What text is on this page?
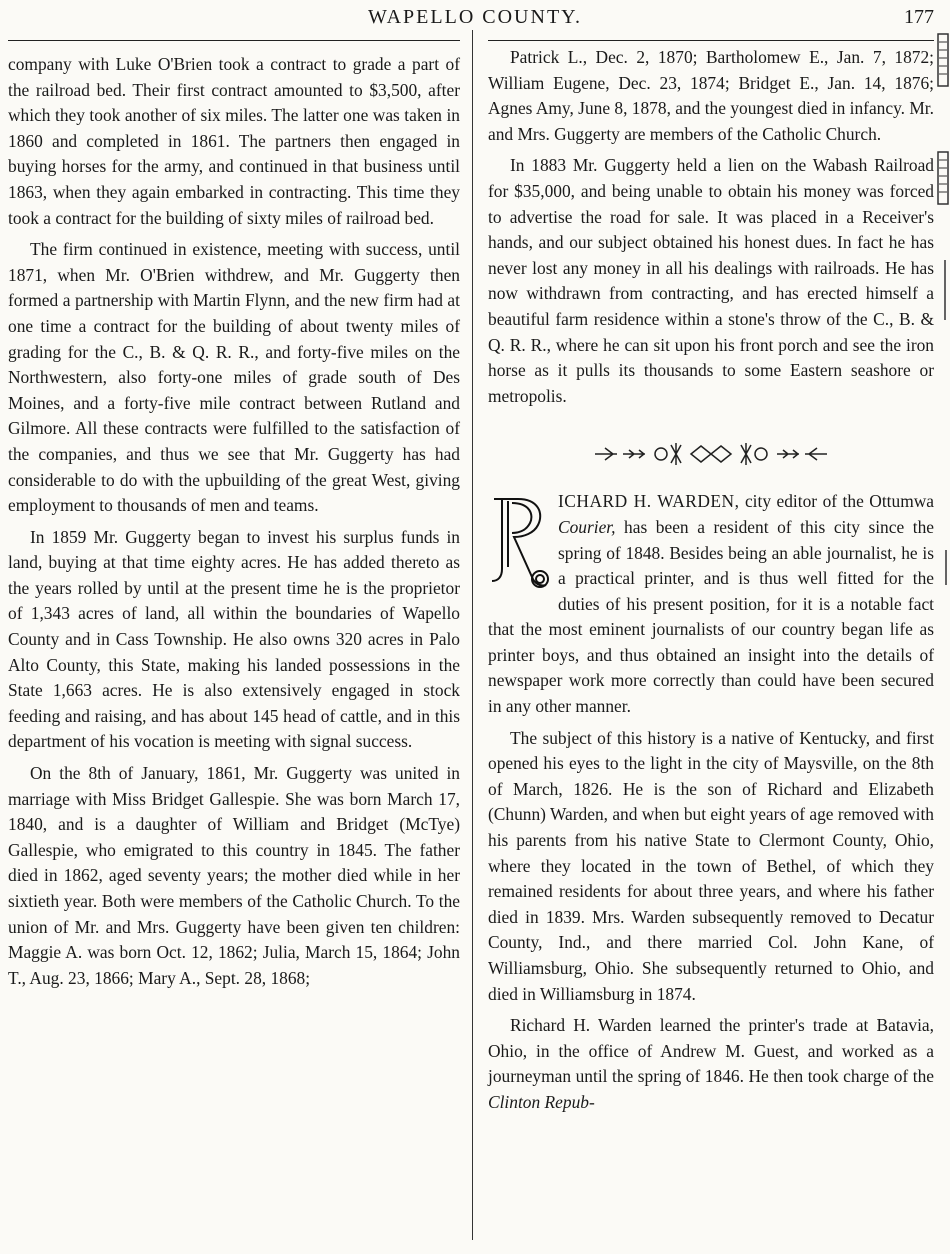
WAPELLO COUNTY.	177

company with Luke O'Brien took a contract to grade a part of the railroad bed. Their first contract amounted to $3,500, after which they took another of six miles. The latter one was taken in 1860 and completed in 1861. The partners then engaged in buying horses for the army, and continued in that business until 1863, when they again embarked in contracting. This time they took a contract for the building of sixty miles of railroad bed.

The firm continued in existence, meeting with success, until 1871, when Mr. O'Brien withdrew, and Mr. Guggerty then formed a partnership with Martin Flynn, and the new firm had at one time a contract for the building of about twenty miles of grading for the C., B. & Q. R. R., and forty-five miles on the Northwestern, also forty-one miles of grade south of Des Moines, and a forty-five mile contract between Rutland and Gilmore. All these contracts were fulfilled to the satisfaction of the companies, and thus we see that Mr. Guggerty has had considerable to do with the upbuilding of the great West, giving employment to thousands of men and teams.

In 1859 Mr. Guggerty began to invest his surplus funds in land, buying at that time eighty acres. He has added thereto as the years rolled by until at the present time he is the proprietor of 1,343 acres of land, all within the boundaries of Wapello County and in Cass Township. He also owns 320 acres in Palo Alto County, this State, making his landed possessions in the State 1,663 acres. He is also extensively engaged in stock feeding and raising, and has about 145 head of cattle, and in this department of his vocation is meeting with signal success.

On the 8th of January, 1861, Mr. Guggerty was united in marriage with Miss Bridget Gallespie. She was born March 17, 1840, and is a daughter of William and Bridget (McTye) Gallespie, who emigrated to this country in 1845. The father died in 1862, aged seventy years; the mother died while in her sixtieth year. Both were members of the Catholic Church. To the union of Mr. and Mrs. Guggerty have been given ten children: Maggie A. was born Oct. 12, 1862; Julia, March 15, 1864; John T., Aug. 23, 1866; Mary A., Sept. 28, 1868;

Patrick L., Dec. 2, 1870; Bartholomew E., Jan. 7, 1872; William Eugene, Dec. 23, 1874; Bridget E., Jan. 14, 1876; Agnes Amy, June 8, 1878, and the youngest died in infancy. Mr. and Mrs. Guggerty are members of the Catholic Church.

In 1883 Mr. Guggerty held a lien on the Wabash Railroad for $35,000, and being unable to obtain his money was forced to advertise the road for sale. It was placed in a Receiver's hands, and our subject obtained his honest dues. In fact he has never lost any money in all his dealings with railroads. He has now withdrawn from contracting, and has erected himself a beautiful farm residence within a stone's throw of the C., B. & Q. R. R., where he can sit upon his front porch and see the iron horse as it pulls its thousands to some Eastern seashore or metropolis.

R	ICHARD H. WARDEN, city editor of the Ottumwa Courier, has been a resident of this city since the spring of 1848. Besides being an able journalist, he is a practical printer, and is thus well fitted for the duties of his present position, for it is a notable fact that the most eminent journalists of our country began life as printer boys, and thus obtained an insight into the details of newspaper work more correctly than could have been secured in any other manner.

The subject of this history is a native of Kentucky, and first opened his eyes to the light in the city of Maysville, on the 8th of March, 1826. He is the son of Richard and Elizabeth (Chunn) Warden, and when but eight years of age removed with his parents from his native State to Clermont County, Ohio, where they located in the town of Bethel, of which they remained residents for about three years, and where his father died in 1839. Mrs. Warden subsequently removed to Decatur County, Ind., and there married Col. John Kane, of Williamsburg, Ohio. She subsequently returned to Ohio, and died in Williamsburg in 1874.

Richard H. Warden learned the printer's trade at Batavia, Ohio, in the office of Andrew M. Guest, and worked as a journeyman until the spring of 1846. He then took charge of the Clinton Repub-
